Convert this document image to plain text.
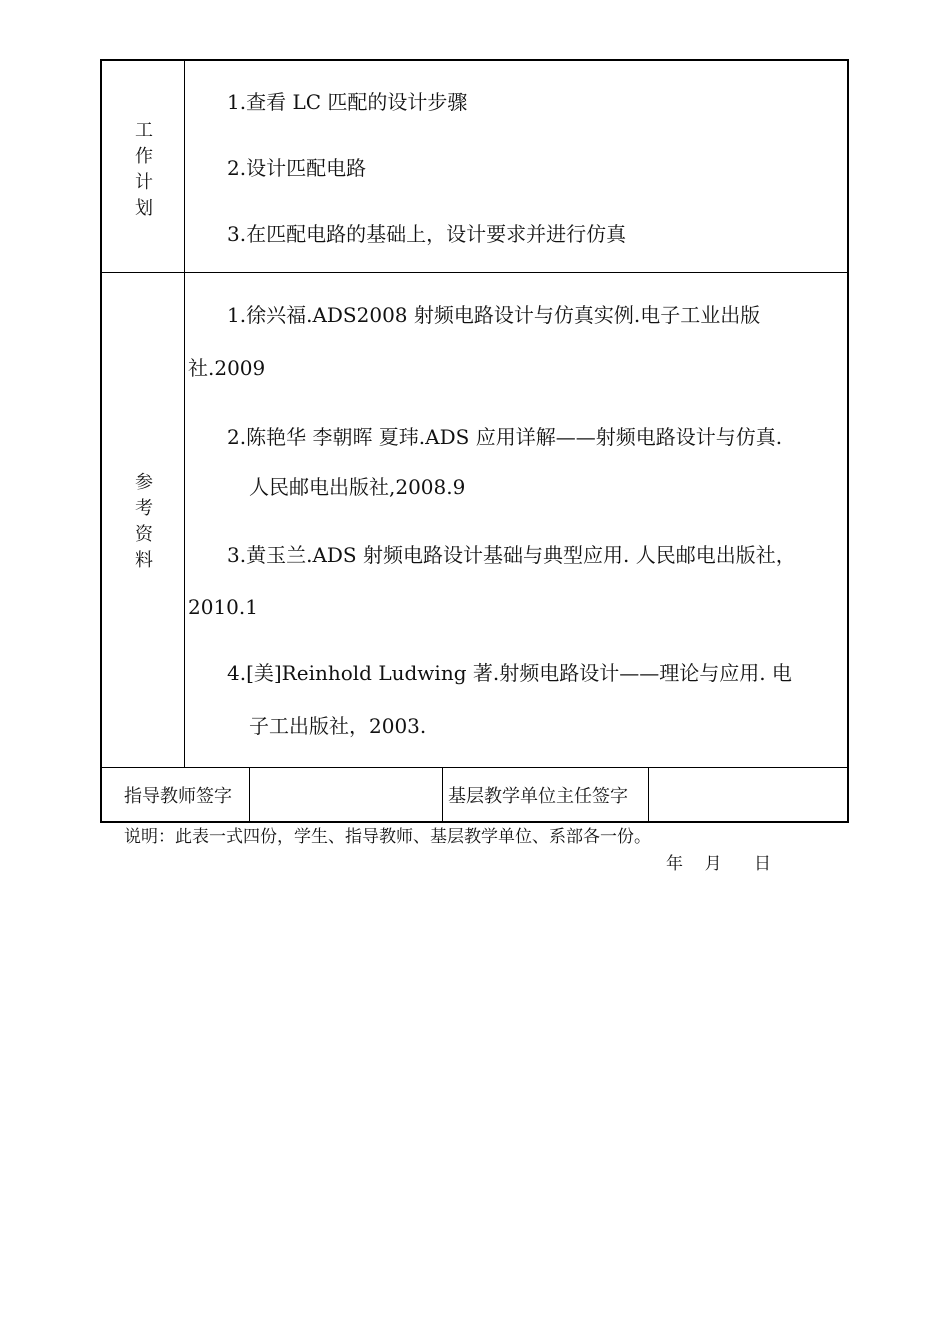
工
作
计
划
1.查看 LC 匹配的设计步骤
2.设计匹配电路
3.在匹配电路的基础上，设计要求并进行仿真
参
考
资
料
1.徐兴福.ADS2008 射频电路设计与仿真实例.电子工业出版
社.2009
2.陈艳华 李朝晖 夏玮.ADS 应用详解——射频电路设计与仿真.
人民邮电出版社,2008.9
3.黄玉兰.ADS 射频电路设计基础与典型应用. 人民邮电出版社，
2010.1
4.[美]Reinhold Ludwing 著.射频电路设计——理论与应用. 电
子工出版社，2003.
指导教师签字	基层教学单位主任签字
说明：此表一式四份，学生、指导教师、基层教学单位、系部各一份。
年    月      日
